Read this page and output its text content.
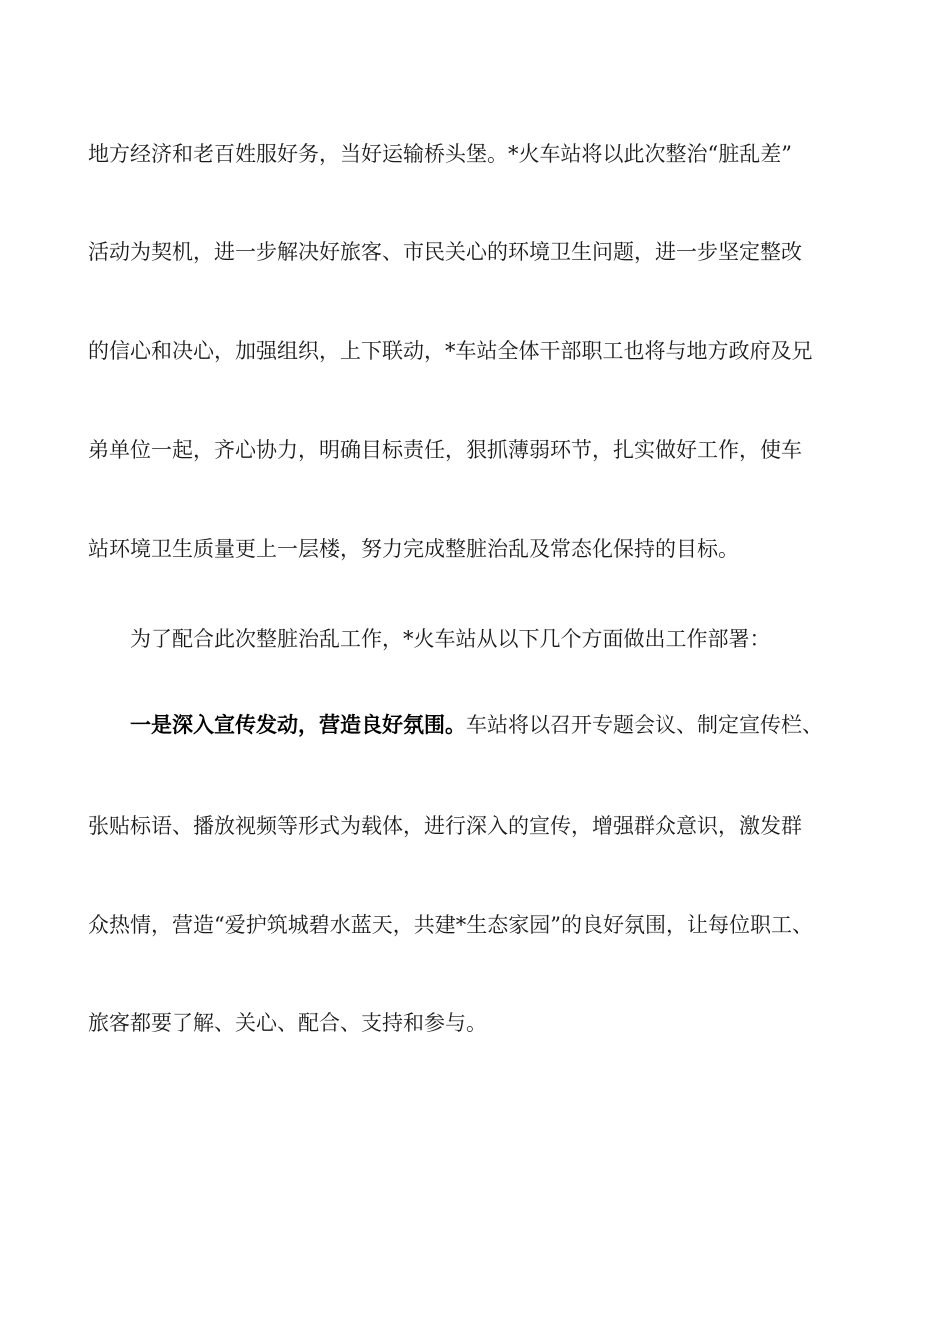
地方经济和老百姓服好务，当好运输桥头堡。*火车站将以此次整治“脏乱差”
活动为契机，进一步解决好旅客、市民关心的环境卫生问题，进一步坚定整改
的信心和决心，加强组织，上下联动，*车站全体干部职工也将与地方政府及兄
弟单位一起，齐心协力，明确目标责任，狠抓薄弱环节，扎实做好工作，使车
站环境卫生质量更上一层楼，努力完成整脏治乱及常态化保持的目标。
为了配合此次整脏治乱工作，*火车站从以下几个方面做出工作部署：
一是深入宣传发动，营造良好氛围。车站将以召开专题会议、制定宣传栏、
张贴标语、播放视频等形式为载体，进行深入的宣传，增强群众意识，激发群
众热情，营造“爱护筑城碧水蓝天，共建*生态家园”的良好氛围，让每位职工、
旅客都要了解、关心、配合、支持和参与。
